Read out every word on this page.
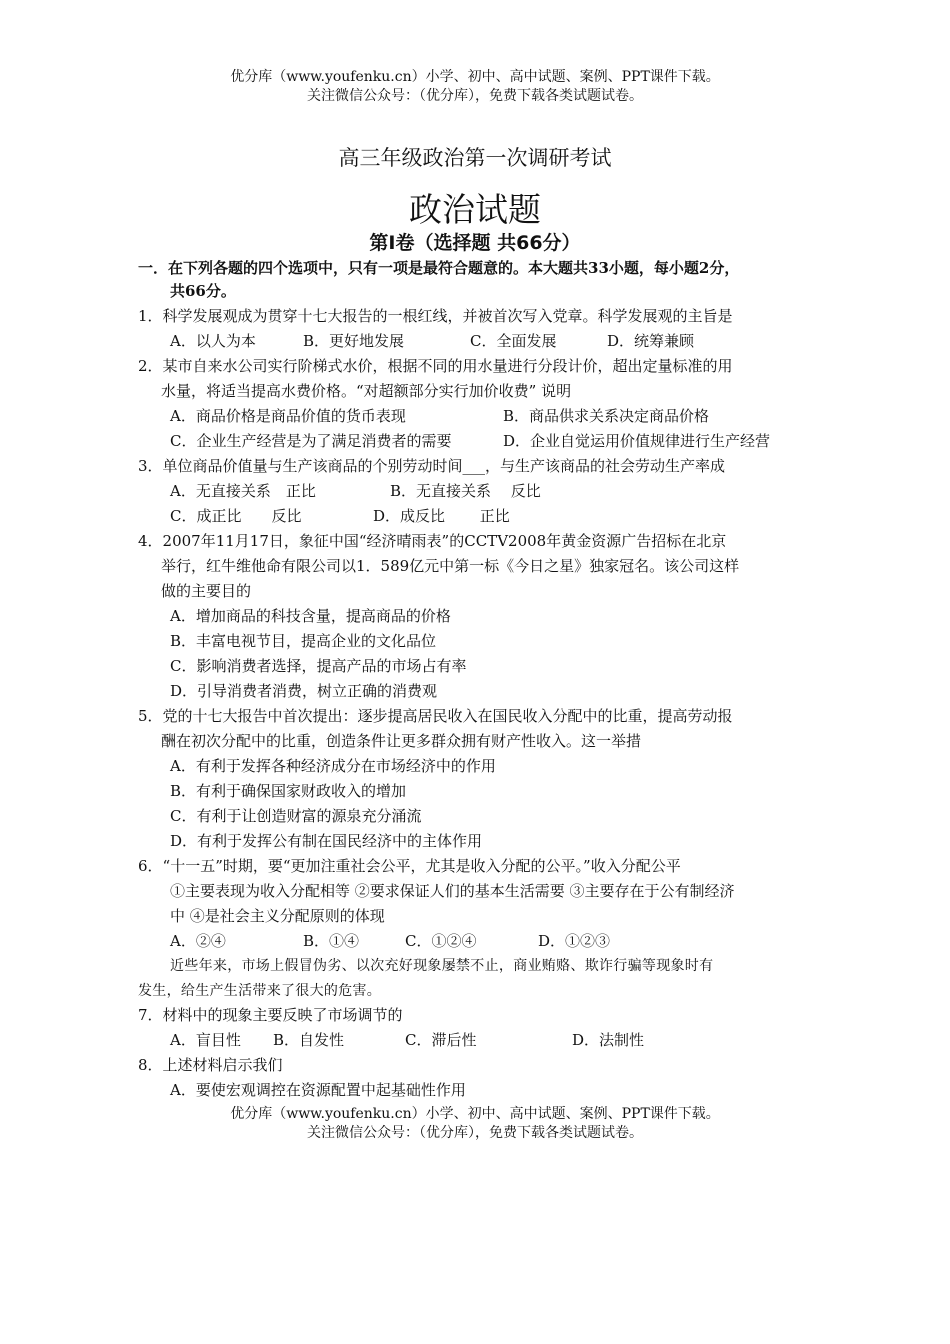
优分库（www.youfenku.cn）小学、初中、高中试题、案例、PPT课件下载。
关注微信公众号：（优分库），免费下载各类试题试卷。
高三年级政治第一次调研考试
政治试题
第Ⅰ卷（选择题 共66分）
一．在下列各题的四个选项中，只有一项是最符合题意的。本大题共33小题，每小题2分，
共66分。
1．科学发展观成为贯穿十七大报告的一根红线，并被首次写入党章。科学发展观的主旨是
A．以人为本	B．更好地发展	C．全面发展	D．统筹兼顾
2．某市自来水公司实行阶梯式水价，根据不同的用水量进行分段计价，超出定量标准的用
水量，将适当提高水费价格。“对超额部分实行加价收费” 说明
A．商品价格是商品价值的货币表现	B．商品供求关系决定商品价格
C．企业生产经营是为了满足消费者的需要	D．企业自觉运用价值规律进行生产经营
3．单位商品价值量与生产该商品的个别劳动时间___，与生产该商品的社会劳动生产率成
A．无直接关系　正比	B．无直接关系　 反比
C．成正比　　反比	D．成反比　　 正比
4．2007年11月17日，象征中国“经济晴雨表”的CCTV2008年黄金资源广告招标在北京
举行，红牛维他命有限公司以1．589亿元中第一标《今日之星》独家冠名。该公司这样
做的主要目的
A．增加商品的科技含量，提高商品的价格
B．丰富电视节目，提高企业的文化品位
C．影响消费者选择，提高产品的市场占有率
D．引导消费者消费，树立正确的消费观
5．党的十七大报告中首次提出：逐步提高居民收入在国民收入分配中的比重，提高劳动报
酬在初次分配中的比重，创造条件让更多群众拥有财产性收入。这一举措
A．有利于发挥各种经济成分在市场经济中的作用
B．有利于确保国家财政收入的增加
C．有利于让创造财富的源泉充分涌流
D．有利于发挥公有制在国民经济中的主体作用
6．“十一五”时期，要“更加注重社会公平，尤其是收入分配的公平。”收入分配公平
①主要表现为收入分配相等 ②要求保证人们的基本生活需要 ③主要存在于公有制经济
中 ④是社会主义分配原则的体现
A．②④	B．①④	C．①②④	D．①②③
近些年来，市场上假冒伪劣、以次充好现象屡禁不止，商业贿赂、欺诈行骗等现象时有
发生，给生产生活带来了很大的危害。
7．材料中的现象主要反映了市场调节的
A．盲目性 B．自发性	C．滞后性	D．法制性
8．上述材料启示我们
A．要使宏观调控在资源配置中起基础性作用
优分库（www.youfenku.cn）小学、初中、高中试题、案例、PPT课件下载。
关注微信公众号：（优分库），免费下载各类试题试卷。
